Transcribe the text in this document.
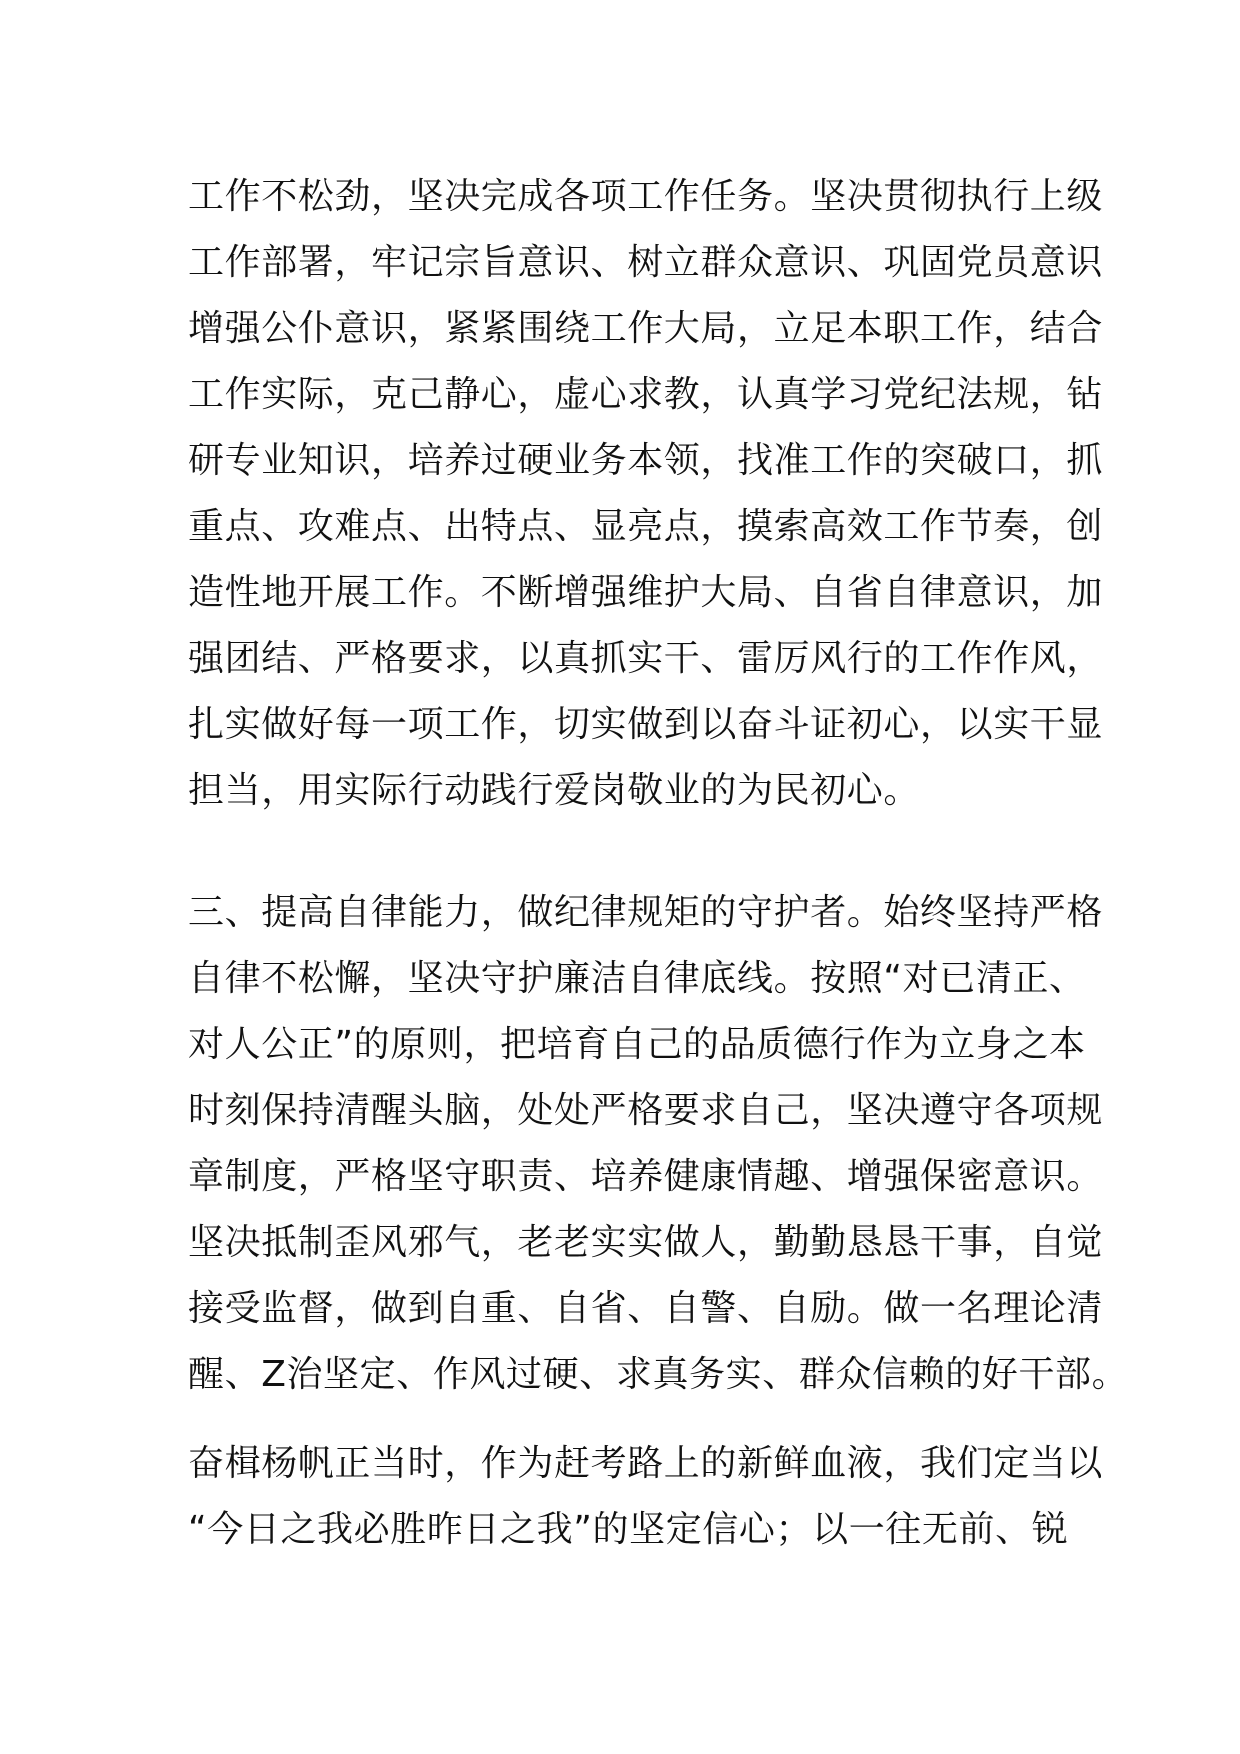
工作不松劲，坚决完成各项工作任务。坚决贯彻执行上级
工作部署，牢记宗旨意识、树立群众意识、巩固党员意识
增强公仆意识，紧紧围绕工作大局，立足本职工作，结合
工作实际，克己静心，虚心求教，认真学习党纪法规，钻
研专业知识，培养过硬业务本领，找准工作的突破口，抓
重点、攻难点、出特点、显亮点，摸索高效工作节奏，创
造性地开展工作。不断增强维护大局、自省自律意识，加
强团结、严格要求，以真抓实干、雷厉风行的工作作风，
扎实做好每一项工作，切实做到以奋斗证初心，以实干显
担当，用实际行动践行爱岗敬业的为民初心。
三、提高自律能力，做纪律规矩的守护者。始终坚持严格
自律不松懈，坚决守护廉洁自律底线。按照“对已清正、
对人公正”的原则，把培育自己的品质德行作为立身之本
时刻保持清醒头脑，处处严格要求自己，坚决遵守各项规
章制度，严格坚守职责、培养健康情趣、增强保密意识。
坚决抵制歪风邪气，老老实实做人，勤勤恳恳干事，自觉
接受监督，做到自重、自省、自警、自励。做一名理论清
醒、Z治坚定、作风过硬、求真务实、群众信赖的好干部。
奋楫杨帆正当时，作为赶考路上的新鲜血液，我们定当以
“今日之我必胜昨日之我”的坚定信心；以一往无前、锐
